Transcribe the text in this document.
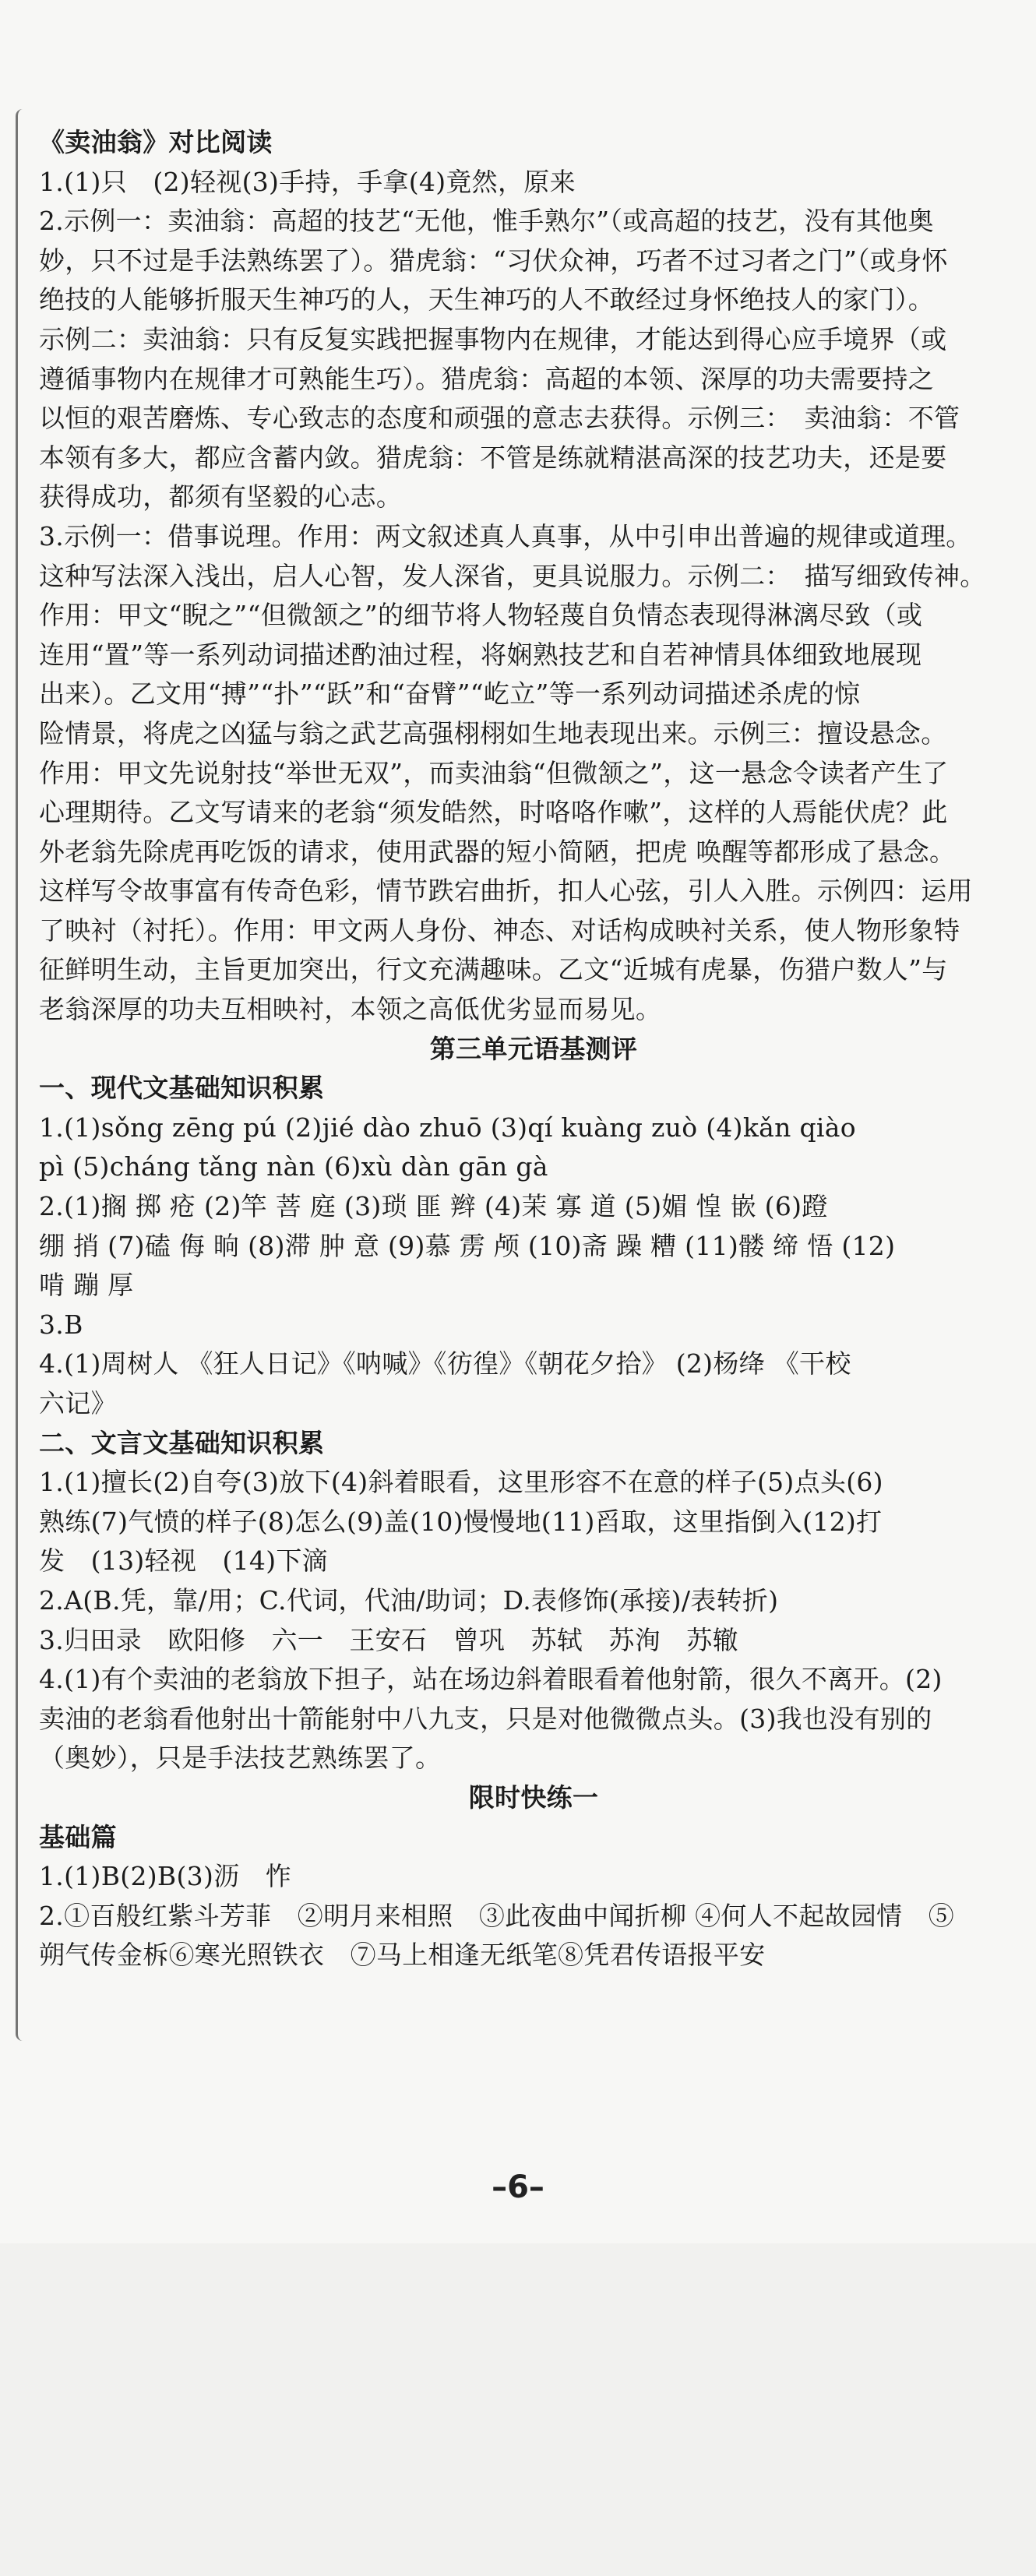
《卖油翁》对比阅读
1.(1)只　(2)轻视(3)手持，手拿(4)竟然，原来
2.示例一：卖油翁：高超的技艺“无他，惟手熟尔”（或高超的技艺，没有其他奥
妙，只不过是手法熟练罢了）。猎虎翁：“习伏众神，巧者不过习者之门”（或身怀
绝技的人能够折服天生神巧的人，天生神巧的人不敢经过身怀绝技人的家门）。
示例二：卖油翁：只有反复实践把握事物内在规律，才能达到得心应手境界（或
遵循事物内在规律才可熟能生巧）。猎虎翁：高超的本领、深厚的功夫需要持之
以恒的艰苦磨炼、专心致志的态度和顽强的意志去获得。示例三：　卖油翁：不管
本领有多大，都应含蓄内敛。猎虎翁：不管是练就精湛高深的技艺功夫，还是要
获得成功，都须有坚毅的心志。
3.示例一：借事说理。作用：两文叙述真人真事，从中引申出普遍的规律或道理。
这种写法深入浅出，启人心智，发人深省，更具说服力。示例二：　描写细致传神。
作用：甲文“睨之”“但微颔之”的细节将人物轻蔑自负情态表现得淋漓尽致（或
连用“置”等一系列动词描述酌油过程，将娴熟技艺和自若神情具体细致地展现
出来）。乙文用“搏”“扑”“跃”和“奋臂”“屹立”等一系列动词描述杀虎的惊
险情景，将虎之凶猛与翁之武艺高强栩栩如生地表现出来。示例三：擅设悬念。
作用：甲文先说射技“举世无双”，而卖油翁“但微颔之”，这一悬念令读者产生了
心理期待。乙文写请来的老翁“须发皓然，时咯咯作嗽”，这样的人焉能伏虎？此
外老翁先除虎再吃饭的请求，使用武器的短小简陋，把虎 唤醒等都形成了悬念。
这样写令故事富有传奇色彩，情节跌宕曲折，扣人心弦，引人入胜。示例四：运用
了映衬（衬托）。作用：甲文两人身份、神态、对话构成映衬关系，使人物形象特
征鲜明生动，主旨更加突出，行文充满趣味。乙文“近城有虎暴，伤猎户数人”与
老翁深厚的功夫互相映衬，本领之高低优劣显而易见。
第三单元语基测评
一、现代文基础知识积累
1.(1)sǒng zēng pú (2)jié dào zhuō (3)qí kuàng zuò (4)kǎn qiào
pì (5)cháng tǎng nàn (6)xù dàn gān gà
2.(1)搁 掷 疮 (2)竿 菩 庭 (3)琐 匪 辫 (4)茉 寡 道 (5)媚 惶 嵌 (6)蹬
绷 捎 (7)磕 侮 晌 (8)滞 肿 意 (9)慕 雳 颅 (10)斋 躁 糟 (11)髅 缔 悟 (12)
啃 蹦 厚
3.B
4.(1)周树人 《狂人日记》《呐喊》《彷徨》《朝花夕拾》 (2)杨绛 《干校
六记》
二、文言文基础知识积累
1.(1)擅长(2)自夸(3)放下(4)斜着眼看，这里形容不在意的样子(5)点头(6)
熟练(7)气愤的样子(8)怎么(9)盖(10)慢慢地(11)舀取，这里指倒入(12)打
发　(13)轻视　(14)下滴
2.A(B.凭，靠/用；C.代词，代油/助词；D.表修饰(承接)/表转折)
3.归田录　欧阳修　六一　王安石　曾巩　苏轼　苏洵　苏辙
4.(1)有个卖油的老翁放下担子，站在场边斜着眼看着他射箭，很久不离开。(2)
卖油的老翁看他射出十箭能射中八九支，只是对他微微点头。(3)我也没有别的
（奥妙），只是手法技艺熟练罢了。
限时快练一
基础篇
1.(1)B(2)B(3)沥　怍
2.①百般红紫斗芳菲　②明月来相照　③此夜曲中闻折柳 ④何人不起故园情　⑤
朔气传金柝⑥寒光照铁衣　⑦马上相逢无纸笔⑧凭君传语报平安
–6–
